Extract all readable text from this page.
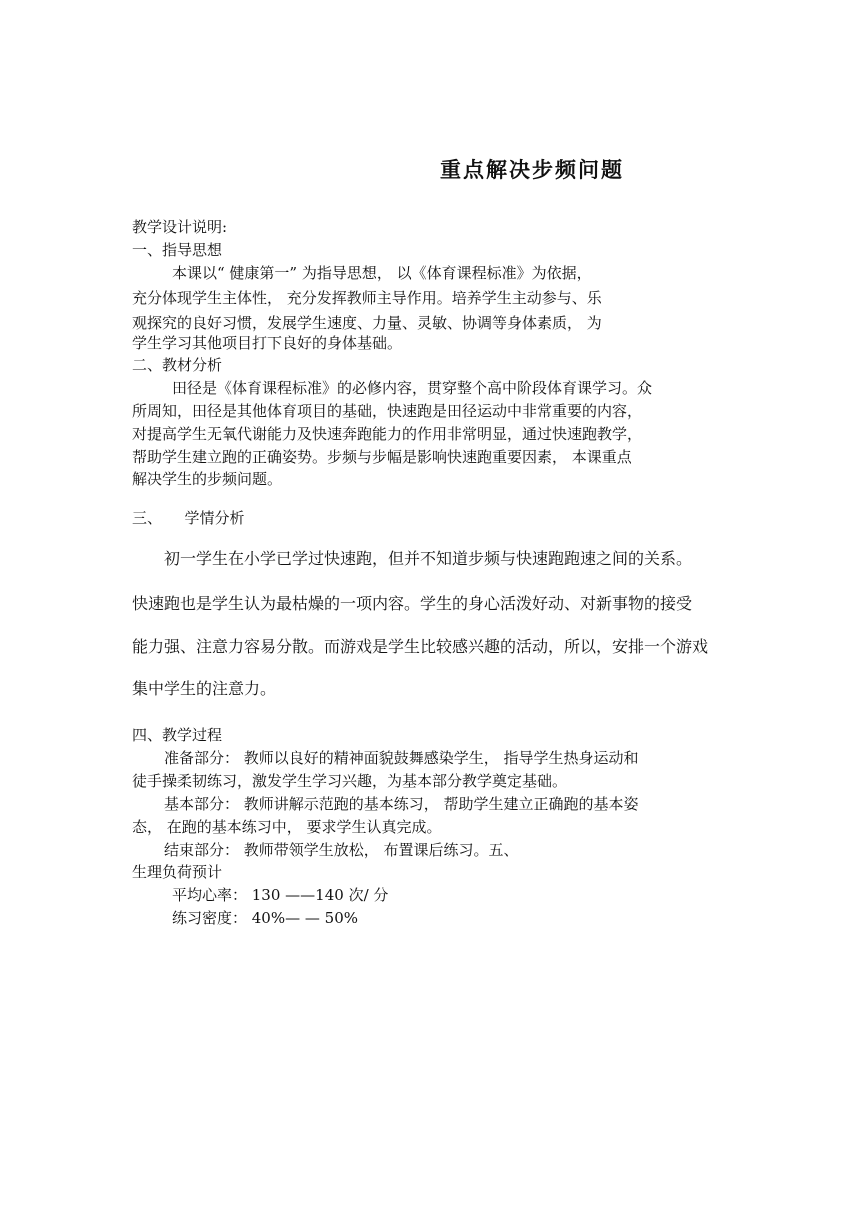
重点解决步频问题
教学设计说明:
一、指导思想
本课以“ 健康第一” 为指导思想， 以《体育课程标准》为依据，
充分体现学生主体性， 充分发挥教师主导作用。培养学生主动参与、乐
观探究的良好习惯，发展学生速度、力量、灵敏、协调等身体素质， 为
学生学习其他项目打下良好的身体基础。
二、教材分析
田径是《体育课程标准》的必修内容，贯穿整个高中阶段体育课学习。众
所周知，田径是其他体育项目的基础，快速跑是田径运动中非常重要的内容，
对提高学生无氧代谢能力及快速奔跑能力的作用非常明显，通过快速跑教学，
帮助学生建立跑的正确姿势。步频与步幅是影响快速跑重要因素， 本课重点
解决学生的步频问题。
三、　　学情分析
初一学生在小学已学过快速跑，但并不知道步频与快速跑跑速之间的关系。
快速跑也是学生认为最枯燥的一项内容。学生的身心活泼好动、对新事物的接受
能力强、注意力容易分散。而游戏是学生比较感兴趣的活动，所以，安排一个游戏
集中学生的注意力。
四、教学过程
准备部分： 教师以良好的精神面貌鼓舞感染学生， 指导学生热身运动和
徒手操柔韧练习，激发学生学习兴趣，为基本部分教学奠定基础。
基本部分： 教师讲解示范跑的基本练习， 帮助学生建立正确跑的基本姿
态， 在跑的基本练习中， 要求学生认真完成。
结束部分： 教师带领学生放松， 布置课后练习。五、
生理负荷预计
平均心率： 130 ——140 次/ 分
练习密度： 40%— — 50%
